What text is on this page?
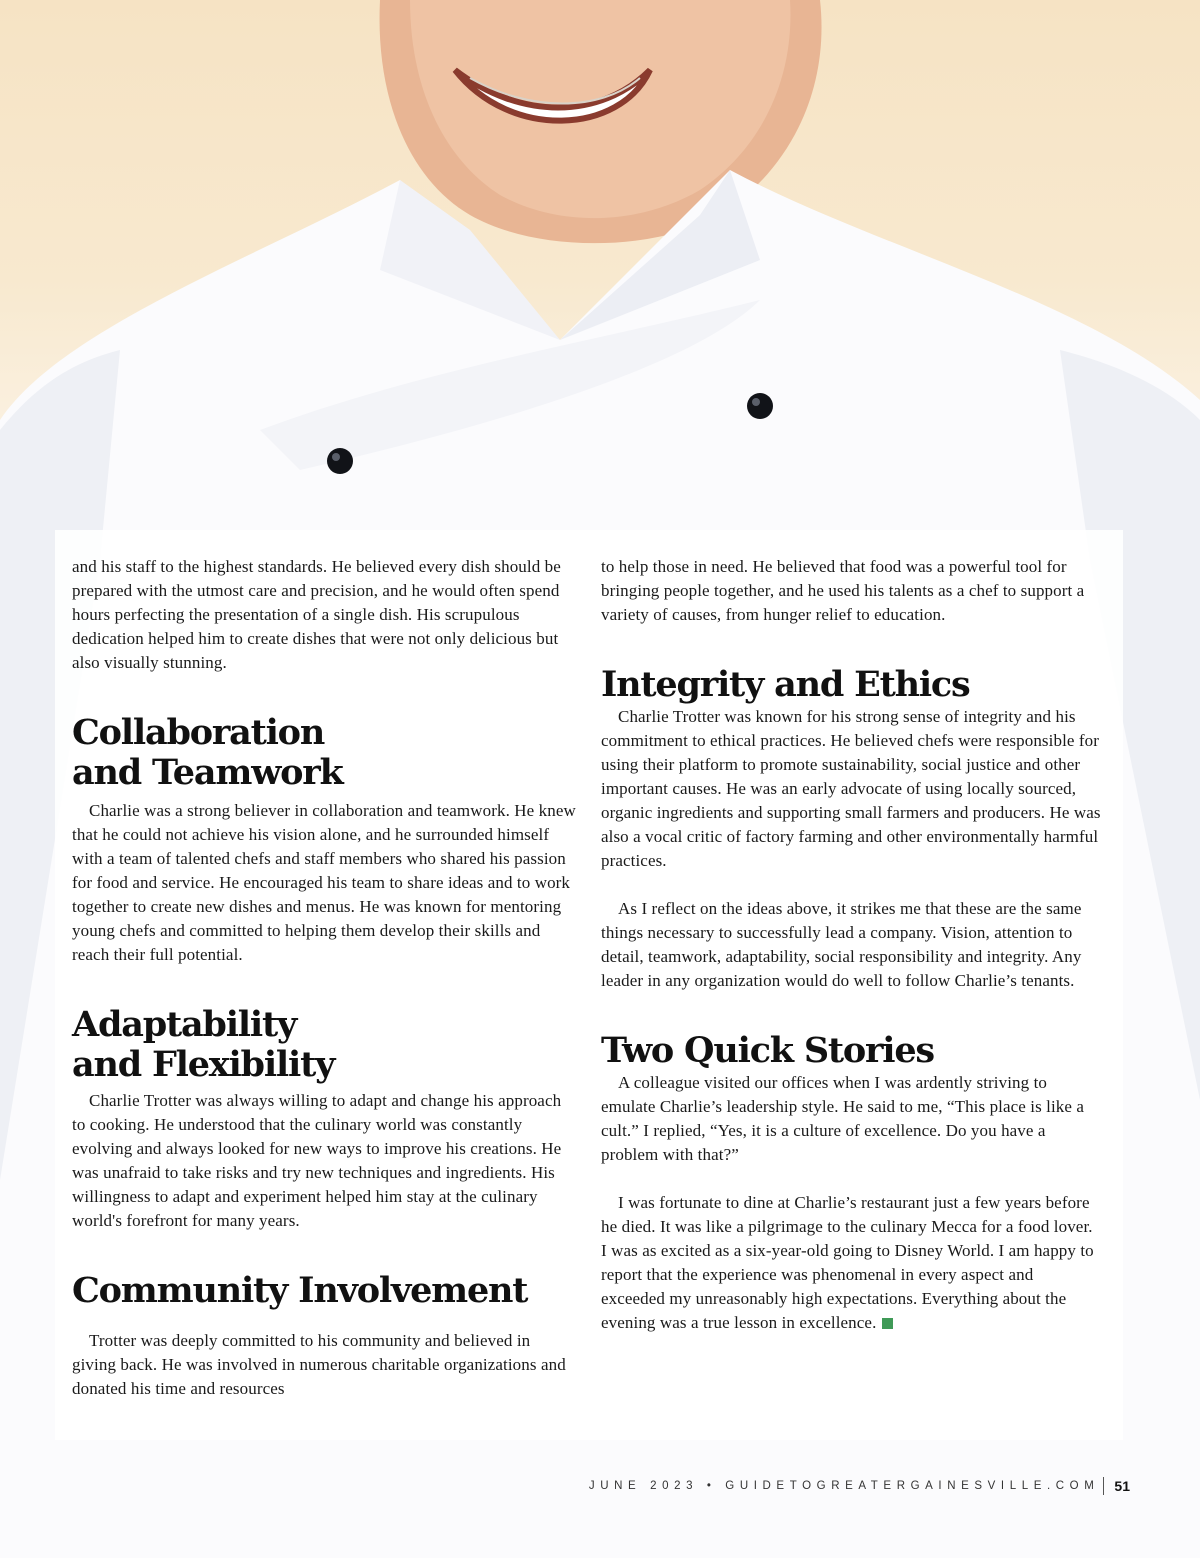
and his staff to the highest standards. He believed every dish should be prepared with the utmost care and precision, and he would often spend hours perfecting the presentation of a single dish. His scrupulous dedication helped him to create dishes that were not only delicious but also visually stunning.

Collaboration
and Teamwork

Charlie was a strong believer in collaboration and teamwork. He knew that he could not achieve his vision alone, and he surrounded himself with a team of talented chefs and staff members who shared his passion for food and service. He encouraged his team to share ideas and to work together to create new dishes and menus. He was known for mentoring young chefs and committed to helping them develop their skills and reach their full potential.

Adaptability
and Flexibility

Charlie Trotter was always willing to adapt and change his approach to cooking. He understood that the culinary world was constantly evolving and always looked for new ways to improve his creations. He was unafraid to take risks and try new techniques and ingredients. His willingness to adapt and experiment helped him stay at the culinary world's forefront for many years.

Community Involvement

Trotter was deeply committed to his community and believed in giving back. He was involved in numerous charitable organizations and donated his time and resources

to help those in need. He believed that food was a powerful tool for bringing people together, and he used his talents as a chef to support a variety of causes, from hunger relief to education.

Integrity and Ethics

Charlie Trotter was known for his strong sense of integrity and his commitment to ethical practices. He believed chefs were responsible for using their platform to promote sustainability, social justice and other important causes. He was an early advocate of using locally sourced, organic ingredients and supporting small farmers and producers. He was also a vocal critic of factory farming and other environmentally harmful practices.

As I reflect on the ideas above, it strikes me that these are the same things necessary to successfully lead a company. Vision, attention to detail, teamwork, adaptability, social responsibility and integrity. Any leader in any organization would do well to follow Charlie’s tenants.

Two Quick Stories

A colleague visited our offices when I was ardently striving to emulate Charlie’s leadership style. He said to me, “This place is like a cult.” I replied, “Yes, it is a culture of excellence. Do you have a problem with that?”

I was fortunate to dine at Charlie’s restaurant just a few years before he died. It was like a pilgrimage to the culinary Mecca for a food lover. I was as excited as a six-year-old going to Disney World. I am happy to report that the experience was phenomenal in every aspect and exceeded my unreasonably high expectations. Everything about the evening was a true lesson in excellence.

JUNE 2023 • GUIDETOGREATERGAINESVILLE.COM 51
